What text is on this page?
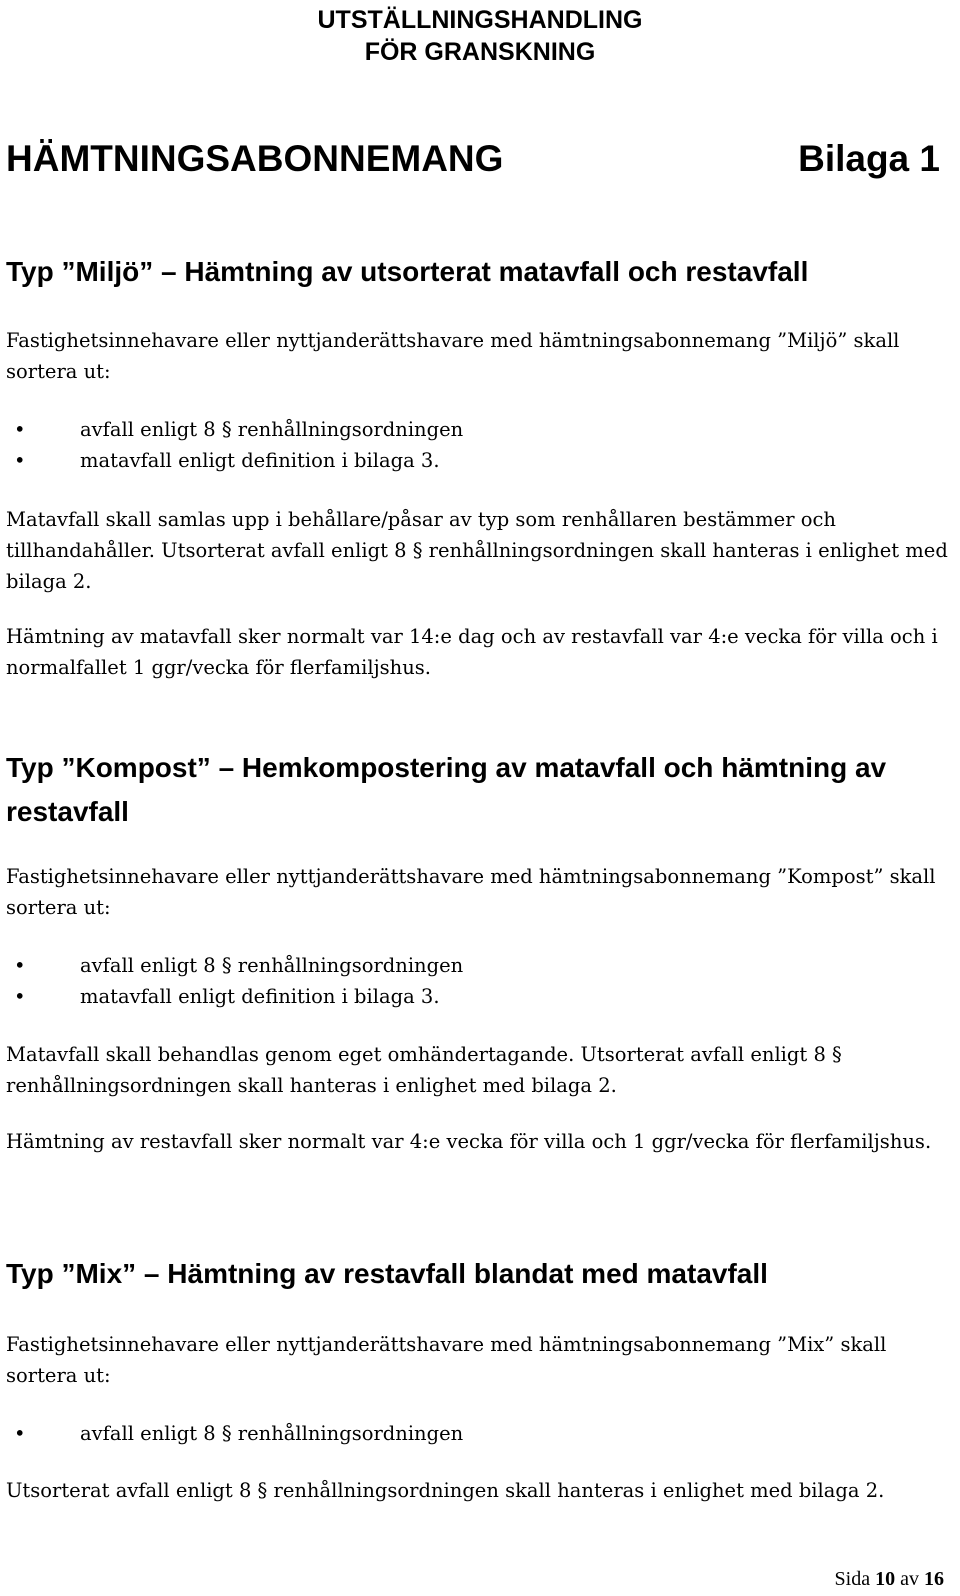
UTSTÄLLNINGSHANDLING
FÖR GRANSKNING
HÄMTNINGSABONNEMANG	Bilaga 1
Typ ”Miljö” – Hämtning av utsorterat matavfall och restavfall
Fastighetsinnehavare eller nyttjanderättshavare med hämtningsabonnemang ”Miljö” skall sortera ut:
•	avfall enligt 8 § renhållningsordningen
•	matavfall enligt definition i bilaga 3.
Matavfall skall samlas upp i behållare/påsar av typ som renhållaren bestämmer och tillhandahåller. Utsorterat avfall enligt 8 § renhållningsordningen skall hanteras i enlighet med bilaga 2.
Hämtning av matavfall sker normalt var 14:e dag och av restavfall var 4:e vecka för villa och i normalfallet 1 ggr/vecka för flerfamiljshus.
Typ ”Kompost” – Hemkompostering av matavfall och hämtning av restavfall
Fastighetsinnehavare eller nyttjanderättshavare med hämtningsabonnemang ”Kompost” skall sortera ut:
•	avfall enligt 8 § renhållningsordningen
•	matavfall enligt definition i bilaga 3.
Matavfall skall behandlas genom eget omhändertagande. Utsorterat avfall enligt 8 § renhållningsordningen skall hanteras i enlighet med bilaga 2.
Hämtning av restavfall sker normalt var 4:e vecka för villa och 1 ggr/vecka för flerfamiljshus.
Typ ”Mix” – Hämtning av restavfall blandat med matavfall
Fastighetsinnehavare eller nyttjanderättshavare med hämtningsabonnemang ”Mix” skall sortera ut:
•	avfall enligt 8 § renhållningsordningen
Utsorterat avfall enligt 8 § renhållningsordningen skall hanteras i enlighet med bilaga 2.
Sida 10 av 16
